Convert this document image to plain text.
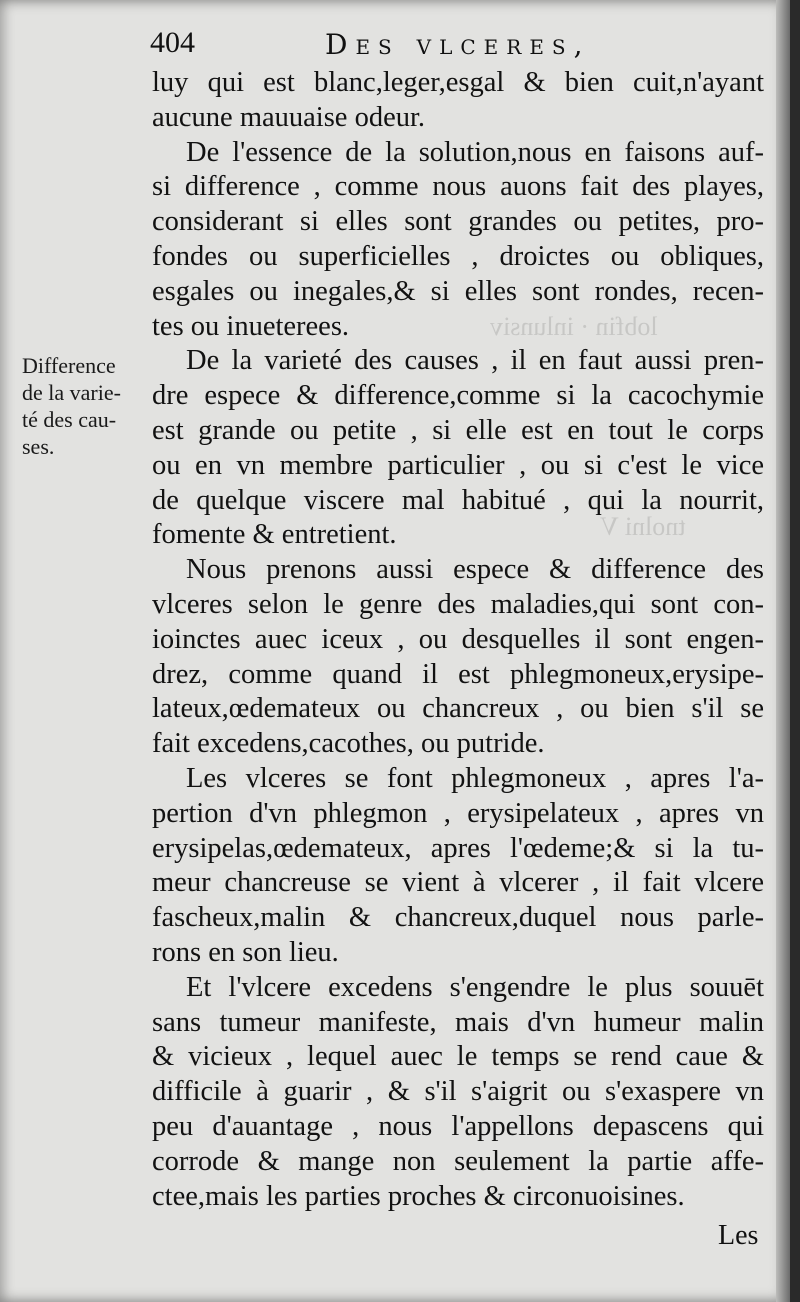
lobfin · inlunsiv
tnolni V
404	Des vlceres,
Difference
de la varie-
té des cau-
ses.

luy qui est blanc,leger,esgal & bien cuit,n'ayant
aucune mauuaise odeur.

De l'essence de la solution,nous en faisons auf-
si difference , comme nous auons fait des playes,
considerant si elles sont grandes ou petites, pro-
fondes ou superficielles , droictes ou obliques,
esgales ou inegales,& si elles sont rondes, recen-
tes ou inueterees.

De la varieté des causes , il en faut aussi pren-
dre espece & difference,comme si la cacochymie
est grande ou petite , si elle est en tout le corps
ou en vn membre particulier , ou si c'est le vice
de quelque viscere mal habitué , qui la nourrit,
fomente & entretient.

Nous prenons aussi espece & difference des
vlceres selon le genre des maladies,qui sont con-
ioinctes auec iceux , ou desquelles il sont engen-
drez, comme quand il est phlegmoneux,erysipe-
lateux,œdemateux ou chancreux , ou bien s'il se
fait excedens,cacothes, ou putride.

Les vlceres se font phlegmoneux , apres l'a-
pertion d'vn phlegmon , erysipelateux , apres vn
erysipelas,œdemateux, apres l'œdeme;& si la tu-
meur chancreuse se vient à vlcerer , il fait vlcere
fascheux,malin & chancreux,duquel nous parle-
rons en son lieu.

Et l'vlcere excedens s'engendre le plus souuēt
sans tumeur manifeste, mais d'vn humeur malin
& vicieux , lequel auec le temps se rend caue &
difficile à guarir , & s'il s'aigrit ou s'exaspere vn
peu d'auantage , nous l'appellons depascens qui
corrode & mange non seulement la partie affe-
ctee,mais les parties proches & circonuoisines.

Les
